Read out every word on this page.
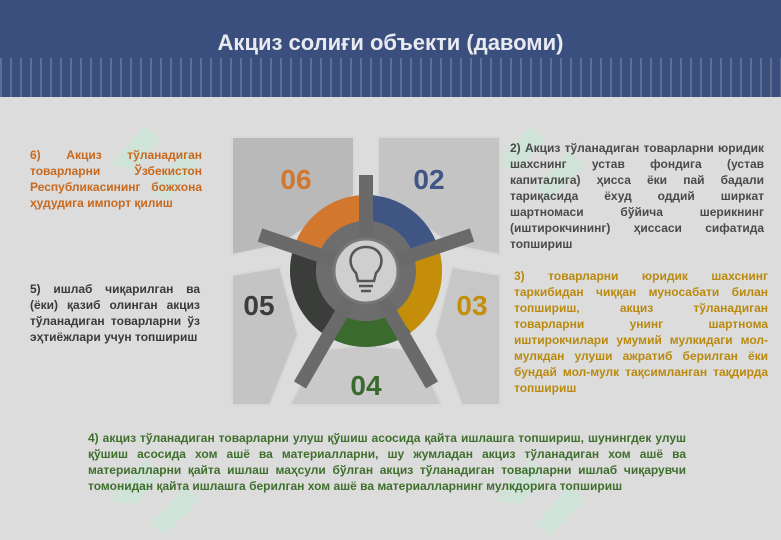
Акциз солиғи объекти (давоми)
6) Акциз тўланадиган товарларни Ўзбекистон Республикасининг божхона ҳудудига импорт қилиш
2) Акциз тўланадиган товарларни юридик шахснинг устав фондига (устав капиталига) ҳисса ёки пай бадали тариқасида ёхуд оддий ширкат шартномаси бўйича шерикнинг (иштирокчининг) ҳиссаси сифатида топшириш
3) товарларни юридик шахснинг таркибидан чиққан муносабати билан топшириш, акциз тўланадиган товарларни унинг шартнома иштирокчилари умумий мулкидаги мол-мулкдан улуши ажратиб берилган ёки бундай мол-мулк тақсимланган тақдирда топшириш
5) ишлаб чиқарилган ва (ёки) қазиб олинган акциз тўланадиган товарларни ўз эҳтиёжлари учун топшириш
4) акциз тўланадиган товарларни улуш қўшиш асосида қайта ишлашга топшириш, шунингдек улуш қўшиш асосида хом ашё ва материалларни, шу жумладан акциз тўланадиган хом ашё ва материалларни қайта ишлаш маҳсули бўлган акциз тўланадиган товарларни ишлаб чиқарувчи томонидан қайта ишлашга берилган хом ашё ва материалларнинг мулкдорига топшириш
06	02
03
04
05
